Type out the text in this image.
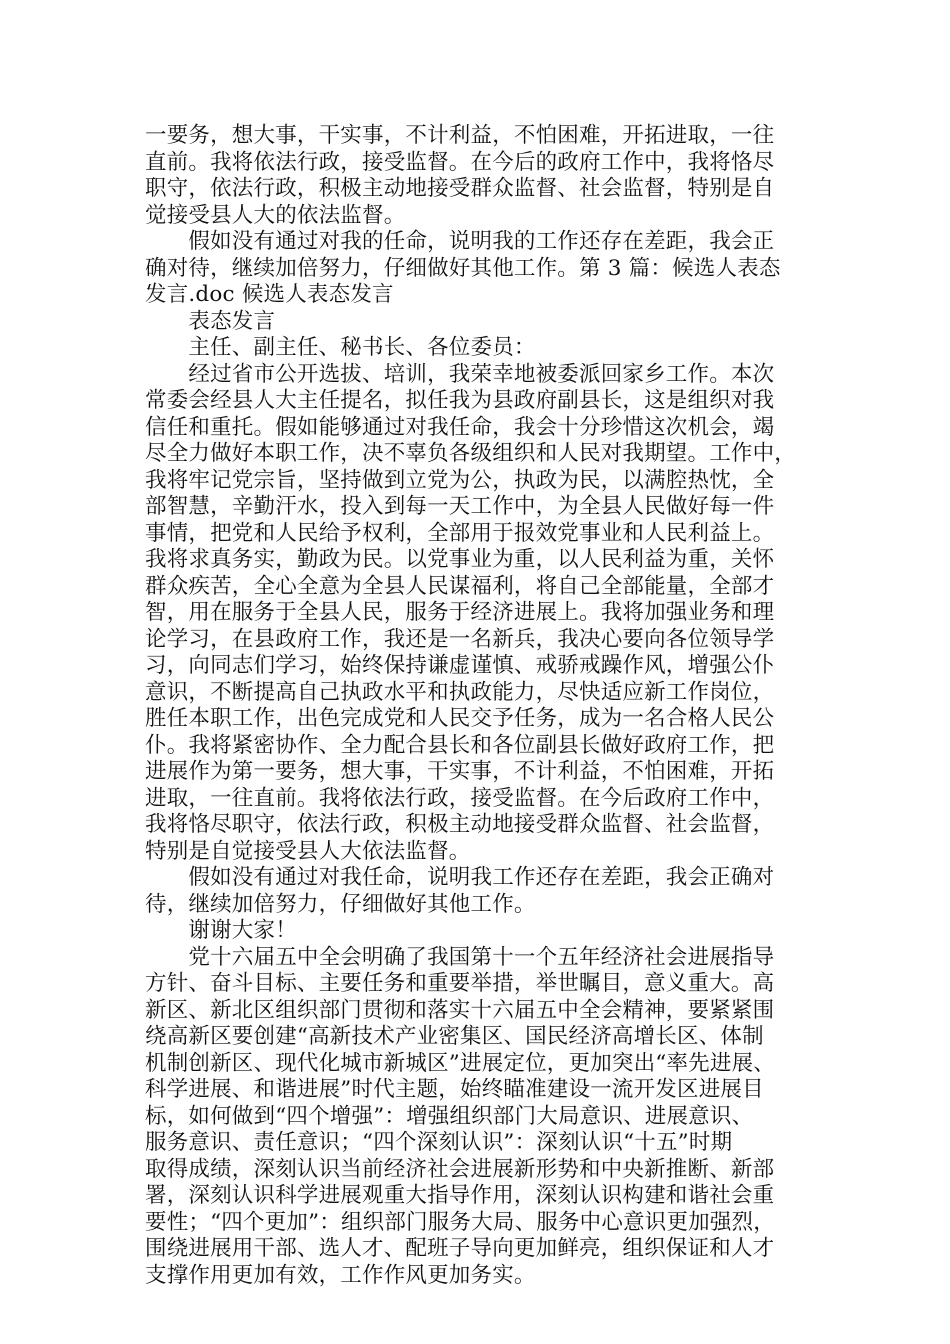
一要务，想大事，干实事，不计利益，不怕困难，开拓进取，一往
直前。我将依法行政，接受监督。在今后的政府工作中，我将恪尽
职守，依法行政，积极主动地接受群众监督、社会监督，特别是自
觉接受县人大的依法监督。
　　假如没有通过对我的任命，说明我的工作还存在差距，我会正
确对待，继续加倍努力，仔细做好其他工作。第 3 篇：候选人表态
发言.doc 候选人表态发言
　　表态发言
　　主任、副主任、秘书长、各位委员：
　　经过省市公开选拔、培训，我荣幸地被委派回家乡工作。本次
常委会经县人大主任提名，拟任我为县政府副县长，这是组织对我
信任和重托。假如能够通过对我任命，我会十分珍惜这次机会，竭
尽全力做好本职工作，决不辜负各级组织和人民对我期望。工作中，
我将牢记党宗旨，坚持做到立党为公，执政为民，以满腔热忱，全
部智慧，辛勤汗水，投入到每一天工作中，为全县人民做好每一件
事情，把党和人民给予权利，全部用于报效党事业和人民利益上。
我将求真务实，勤政为民。以党事业为重，以人民利益为重，关怀
群众疾苦，全心全意为全县人民谋福利，将自己全部能量，全部才
智，用在服务于全县人民，服务于经济进展上。我将加强业务和理
论学习，在县政府工作，我还是一名新兵，我决心要向各位领导学
习，向同志们学习，始终保持谦虚谨慎、戒骄戒躁作风，增强公仆
意识，不断提高自己执政水平和执政能力，尽快适应新工作岗位，
胜任本职工作，出色完成党和人民交予任务，成为一名合格人民公
仆。我将紧密协作、全力配合县长和各位副县长做好政府工作，把
进展作为第一要务，想大事，干实事，不计利益，不怕困难，开拓
进取，一往直前。我将依法行政，接受监督。在今后政府工作中，
我将恪尽职守，依法行政，积极主动地接受群众监督、社会监督，
特别是自觉接受县人大依法监督。
　　假如没有通过对我任命，说明我工作还存在差距，我会正确对
待，继续加倍努力，仔细做好其他工作。
　　谢谢大家！
　　党十六届五中全会明确了我国第十一个五年经济社会进展指导
方针、奋斗目标、主要任务和重要举措，举世瞩目，意义重大。高
新区、新北区组织部门贯彻和落实十六届五中全会精神，要紧紧围
绕高新区要创建“高新技术产业密集区、国民经济高增长区、体制
机制创新区、现代化城市新城区”进展定位，更加突出“率先进展、
科学进展、和谐进展”时代主题，始终瞄准建设一流开发区进展目
标，如何做到“四个增强”：增强组织部门大局意识、进展意识、
服务意识、责任意识；“四个深刻认识”：深刻认识“十五”时期
取得成绩，深刻认识当前经济社会进展新形势和中央新推断、新部
署，深刻认识科学进展观重大指导作用，深刻认识构建和谐社会重
要性；“四个更加”：组织部门服务大局、服务中心意识更加强烈，
围绕进展用干部、选人才、配班子导向更加鲜亮，组织保证和人才
支撑作用更加有效，工作作风更加务实。
